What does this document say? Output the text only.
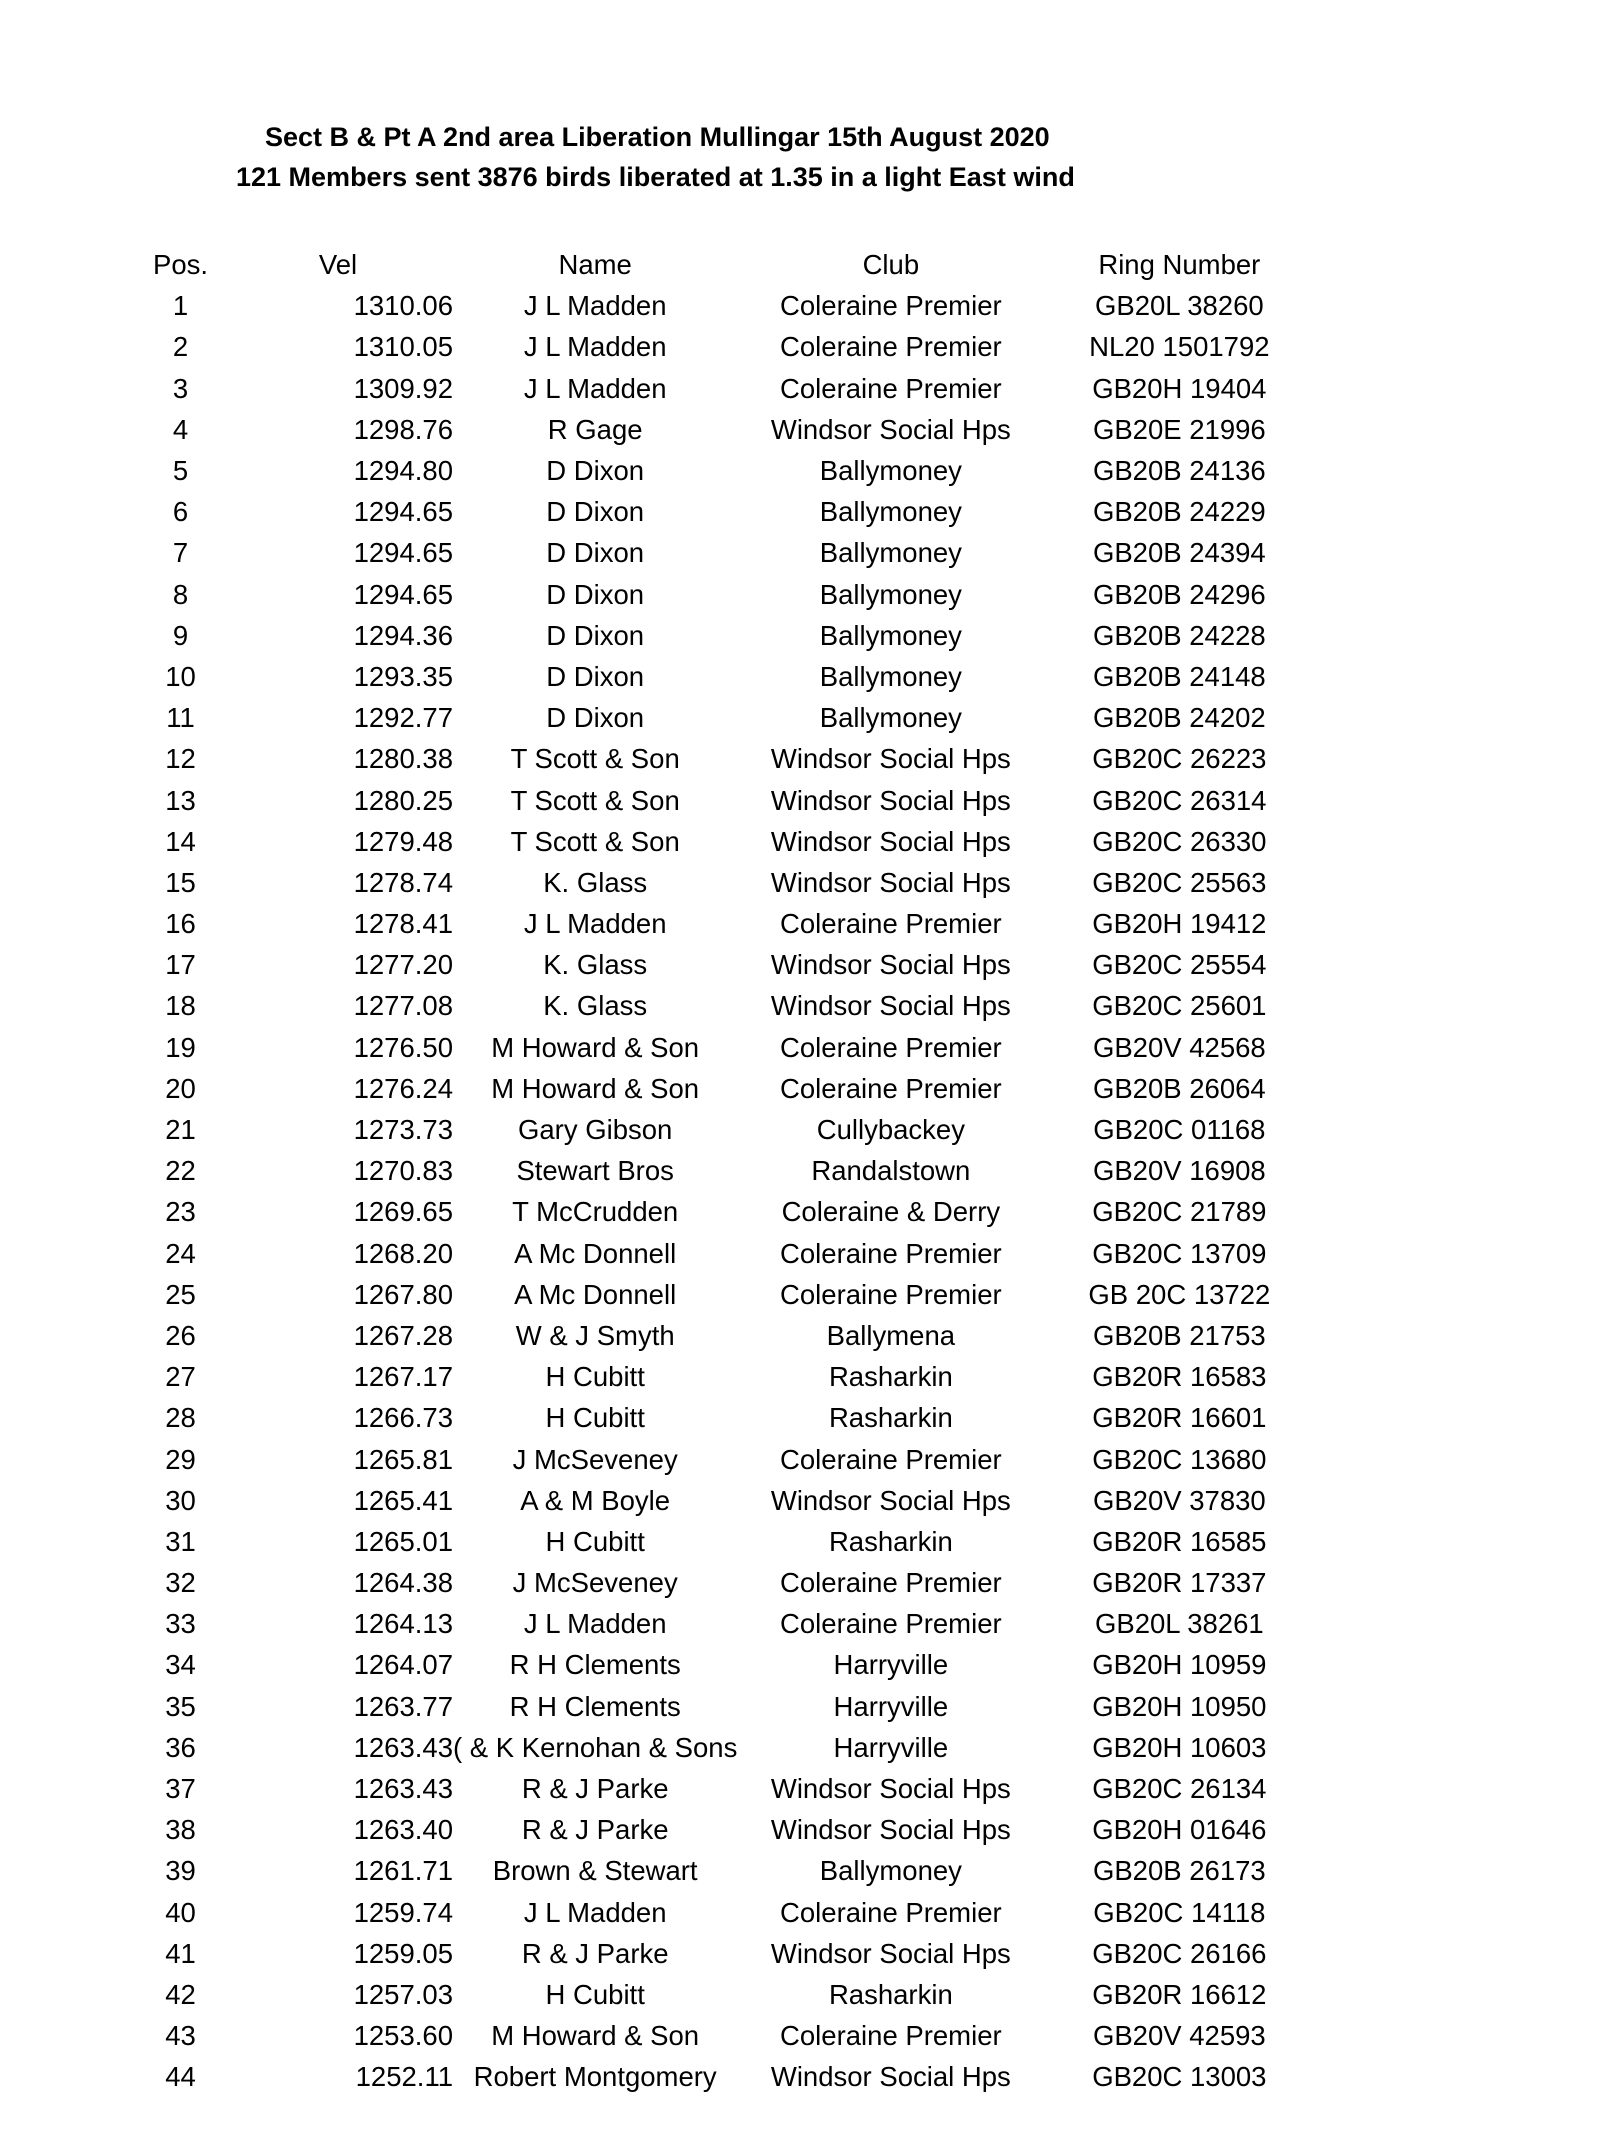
Sect B & Pt A 2nd area Liberation Mullingar 15th August 2020
121 Members sent 3876 birds liberated at 1.35 in a light East wind
Pos.	Vel	Name	Club	Ring Number
1	1310.06	J L Madden	Coleraine Premier	GB20L 38260
2	1310.05	J L Madden	Coleraine Premier	NL20 1501792
3	1309.92	J L Madden	Coleraine Premier	GB20H 19404
4	1298.76	R Gage	Windsor Social Hps	GB20E 21996
5	1294.80	D Dixon	Ballymoney	GB20B 24136
6	1294.65	D Dixon	Ballymoney	GB20B 24229
7	1294.65	D Dixon	Ballymoney	GB20B 24394
8	1294.65	D Dixon	Ballymoney	GB20B 24296
9	1294.36	D Dixon	Ballymoney	GB20B 24228
10	1293.35	D Dixon	Ballymoney	GB20B 24148
11	1292.77	D Dixon	Ballymoney	GB20B 24202
12	1280.38	T Scott & Son	Windsor Social Hps	GB20C 26223
13	1280.25	T Scott & Son	Windsor Social Hps	GB20C 26314
14	1279.48	T Scott & Son	Windsor Social Hps	GB20C 26330
15	1278.74	K. Glass	Windsor Social Hps	GB20C 25563
16	1278.41	J L Madden	Coleraine Premier	GB20H 19412
17	1277.20	K. Glass	Windsor Social Hps	GB20C 25554
18	1277.08	K. Glass	Windsor Social Hps	GB20C 25601
19	1276.50	M Howard & Son	Coleraine Premier	GB20V 42568
20	1276.24	M Howard & Son	Coleraine Premier	GB20B 26064
21	1273.73	Gary Gibson	Cullybackey	GB20C 01168
22	1270.83	Stewart Bros	Randalstown	GB20V 16908
23	1269.65	T McCrudden	Coleraine & Derry	GB20C 21789
24	1268.20	A Mc Donnell	Coleraine Premier	GB20C 13709
25	1267.80	A Mc Donnell	Coleraine Premier	GB 20C 13722
26	1267.28	W & J Smyth	Ballymena	GB20B 21753
27	1267.17	H Cubitt	Rasharkin	GB20R 16583
28	1266.73	H Cubitt	Rasharkin	GB20R 16601
29	1265.81	J McSeveney	Coleraine Premier	GB20C 13680
30	1265.41	A & M Boyle	Windsor Social Hps	GB20V 37830
31	1265.01	H Cubitt	Rasharkin	GB20R 16585
32	1264.38	J McSeveney	Coleraine Premier	GB20R 17337
33	1264.13	J L Madden	Coleraine Premier	GB20L 38261
34	1264.07	R H Clements	Harryville	GB20H 10959
35	1263.77	R H Clements	Harryville	GB20H 10950
36	1263.43	( & K Kernohan & Sons	Harryville	GB20H 10603
37	1263.43	R & J Parke	Windsor Social Hps	GB20C 26134
38	1263.40	R & J Parke	Windsor Social Hps	GB20H 01646
39	1261.71	Brown & Stewart	Ballymoney	GB20B 26173
40	1259.74	J L Madden	Coleraine Premier	GB20C 14118
41	1259.05	R & J Parke	Windsor Social Hps	GB20C 26166
42	1257.03	H Cubitt	Rasharkin	GB20R 16612
43	1253.60	M Howard & Son	Coleraine Premier	GB20V 42593
44	1252.11	Robert Montgomery	Windsor Social Hps	GB20C 13003
